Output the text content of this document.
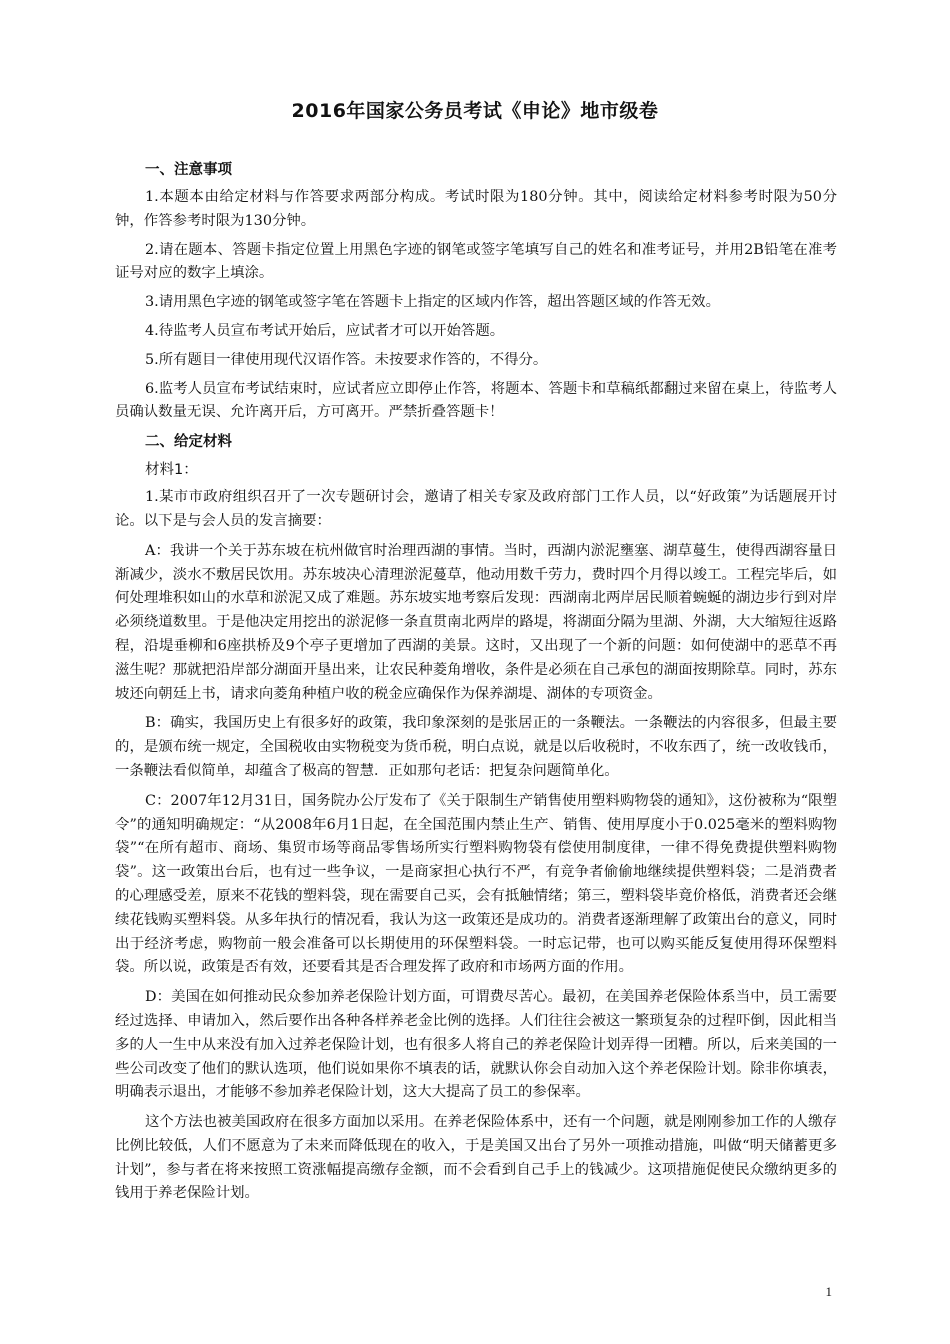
2016年国家公务员考试《申论》地市级卷
一、注意事项

1.本题本由给定材料与作答要求两部分构成。考试时限为180分钟。其中，阅读给定材料参考时限为50分钟，作答参考时限为130分钟。

2.请在题本、答题卡指定位置上用黑色字迹的钢笔或签字笔填写自己的姓名和准考证号，并用2B铅笔在准考证号对应的数字上填涂。

3.请用黑色字迹的钢笔或签字笔在答题卡上指定的区域内作答，超出答题区域的作答无效。

4.待监考人员宣布考试开始后，应试者才可以开始答题。

5.所有题目一律使用现代汉语作答。未按要求作答的，不得分。

6.监考人员宣布考试结束时，应试者应立即停止作答，将题本、答题卡和草稿纸都翻过来留在桌上，待监考人员确认数量无误、允许离开后，方可离开。严禁折叠答题卡！

二、给定材料
材料1：

1.某市市政府组织召开了一次专题研讨会，邀请了相关专家及政府部门工作人员，以“好政策”为话题展开讨论。以下是与会人员的发言摘要：

A：我讲一个关于苏东坡在杭州做官时治理西湖的事情。当时，西湖内淤泥壅塞、湖草蔓生，使得西湖容量日渐减少，淡水不敷居民饮用。苏东坡决心清理淤泥蔓草，他动用数千劳力，费时四个月得以竣工。工程完毕后，如何处理堆积如山的水草和淤泥又成了难题。苏东坡实地考察后发现：西湖南北两岸居民顺着蜿蜒的湖边步行到对岸必须绕道数里。于是他决定用挖出的淤泥修一条直贯南北两岸的路堤，将湖面分隔为里湖、外湖，大大缩短往返路程，沿堤垂柳和6座拱桥及9个亭子更增加了西湖的美景。这时，又出现了一个新的问题：如何使湖中的恶草不再滋生呢？那就把沿岸部分湖面开垦出来，让农民种菱角增收，条件是必须在自己承包的湖面按期除草。同时，苏东坡还向朝廷上书，请求向菱角种植户收的税金应确保作为保养湖堤、湖体的专项资金。

B：确实，我国历史上有很多好的政策，我印象深刻的是张居正的一条鞭法。一条鞭法的内容很多，但最主要的，是颁布统一规定，全国税收由实物税变为货币税，明白点说，就是以后收税时，不收东西了，统一改收钱币，一条鞭法看似简单，却蕴含了极高的智慧．正如那句老话：把复杂问题简单化。

C：2007年12月31日，国务院办公厅发布了《关于限制生产销售使用塑料购物袋的通知》，这份被称为“限塑令”的通知明确规定：“从2008年6月1日起，在全国范围内禁止生产、销售、使用厚度小于0.025毫米的塑料购物袋”“在所有超市、商场、集贸市场等商品零售场所实行塑料购物袋有偿使用制度律，一律不得免费提供塑料购物袋”。这一政策出台后，也有过一些争议，一是商家担心执行不严，有竞争者偷偷地继续提供塑料袋；二是消费者的心理感受差，原来不花钱的塑料袋，现在需要自己买，会有抵触情绪；第三，塑料袋毕竟价格低，消费者还会继续花钱购买塑料袋。从多年执行的情况看，我认为这一政策还是成功的。消费者逐渐理解了政策出台的意义，同时出于经济考虑，购物前一般会准备可以长期使用的环保塑料袋。一时忘记带，也可以购买能反复使用得环保塑料袋。所以说，政策是否有效，还要看其是否合理发挥了政府和市场两方面的作用。

D：美国在如何推动民众参加养老保险计划方面，可谓费尽苦心。最初，在美国养老保险体系当中，员工需要经过选择、申请加入，然后要作出各种各样养老金比例的选择。人们往往会被这一繁琐复杂的过程吓倒，因此相当多的人一生中从来没有加入过养老保险计划，也有很多人将自己的养老保险计划弄得一团糟。所以，后来美国的一些公司改变了他们的默认选项，他们说如果你不填表的话，就默认你会自动加入这个养老保险计划。除非你填表，明确表示退出，才能够不参加养老保险计划，这大大提高了员工的参保率。

这个方法也被美国政府在很多方面加以采用。在养老保险体系中，还有一个问题，就是刚刚参加工作的人缴存比例比较低，人们不愿意为了未来而降低现在的收入，于是美国又出台了另外一项推动措施，叫做“明天储蓄更多计划”，参与者在将来按照工资涨幅提高缴存金额，而不会看到自己手上的钱减少。这项措施促使民众缴纳更多的钱用于养老保险计划。

1
